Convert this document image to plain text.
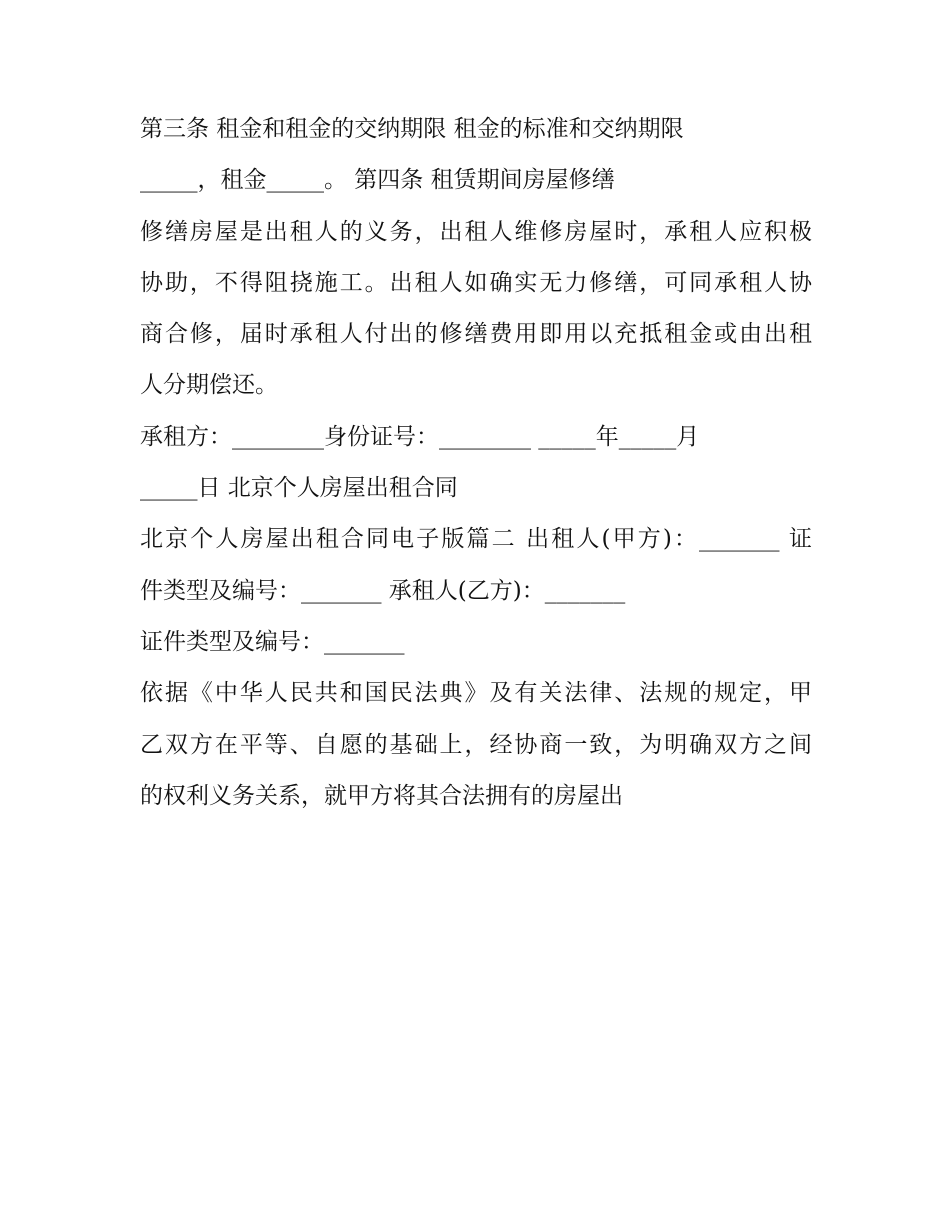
第三条 租金和租金的交纳期限 租金的标准和交纳期限
_____，租金_____。 第四条 租赁期间房屋修缮
修缮房屋是出租人的义务，出租人维修房屋时，承租人应积极
协助，不得阻挠施工。出租人如确实无力修缮，可同承租人协
商合修，届时承租人付出的修缮费用即用以充抵租金或由出租
人分期偿还。
承租方：________身份证号：________ _____年_____月
_____日 北京个人房屋出租合同
北京个人房屋出租合同电子版篇二 出租人(甲方)：_______ 证
件类型及编号：_______ 承租人(乙方)：_______
证件类型及编号：_______
依据《中华人民共和国民法典》及有关法律、法规的规定，甲
乙双方在平等、自愿的基础上，经协商一致，为明确双方之间
的权利义务关系，就甲方将其合法拥有的房屋出
